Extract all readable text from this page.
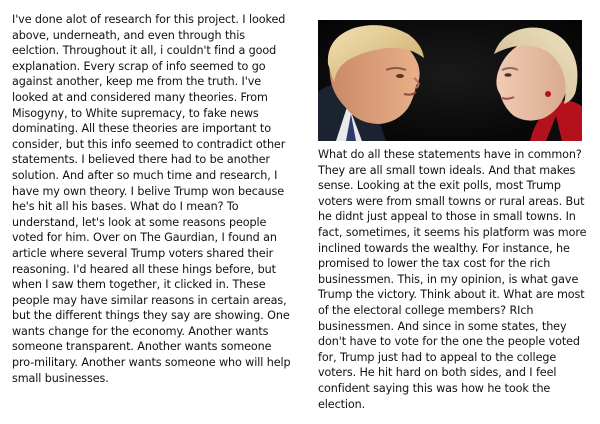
I've done alot of research for this project. I looked above, underneath, and even through this eelction. Throughout it all, i couldn't find a good explanation. Every scrap of info seemed to go against another, keep me from the truth. I've looked at and considered many theories. From Misogyny, to White supremacy, to fake news dominating. All these theories are important to consider, but this info seemed to contradict other statements. I believed there had to be another solution. And after so much time and research, I have my own theory. I belive Trump won because he's hit all his bases. What do I mean? To understand, let's look at some reasons people voted for him. Over on The Gaurdian, I found an article where several Trump voters shared their reasoning. I'd heared all these hings before, but when I saw them together, it clicked in. These people may have similar reasons in certain areas, but the different things they say are showing. One wants change for the economy. Another wants someone transparent. Another wants someone pro-military. Another wants someone who will help small businesses.

What do all these statements have in common? They are all small town ideals. And that makes sense. Looking at the exit polls, most Trump voters were from small towns or rural areas. But he didnt just appeal to those in small towns. In fact, sometimes, it seems his platform was more inclined towards the wealthy. For instance, he promised to lower the tax cost for the rich businessmen. This, in my opinion, is what gave Trump the victory. Think about it. What are most of the electoral college members? RIch businessmen. And since in some states, they don't have to vote for the one the people voted for, Trump just had to appeal to the college voters. He hit hard on both sides, and I feel confident saying this was how he took the election.
